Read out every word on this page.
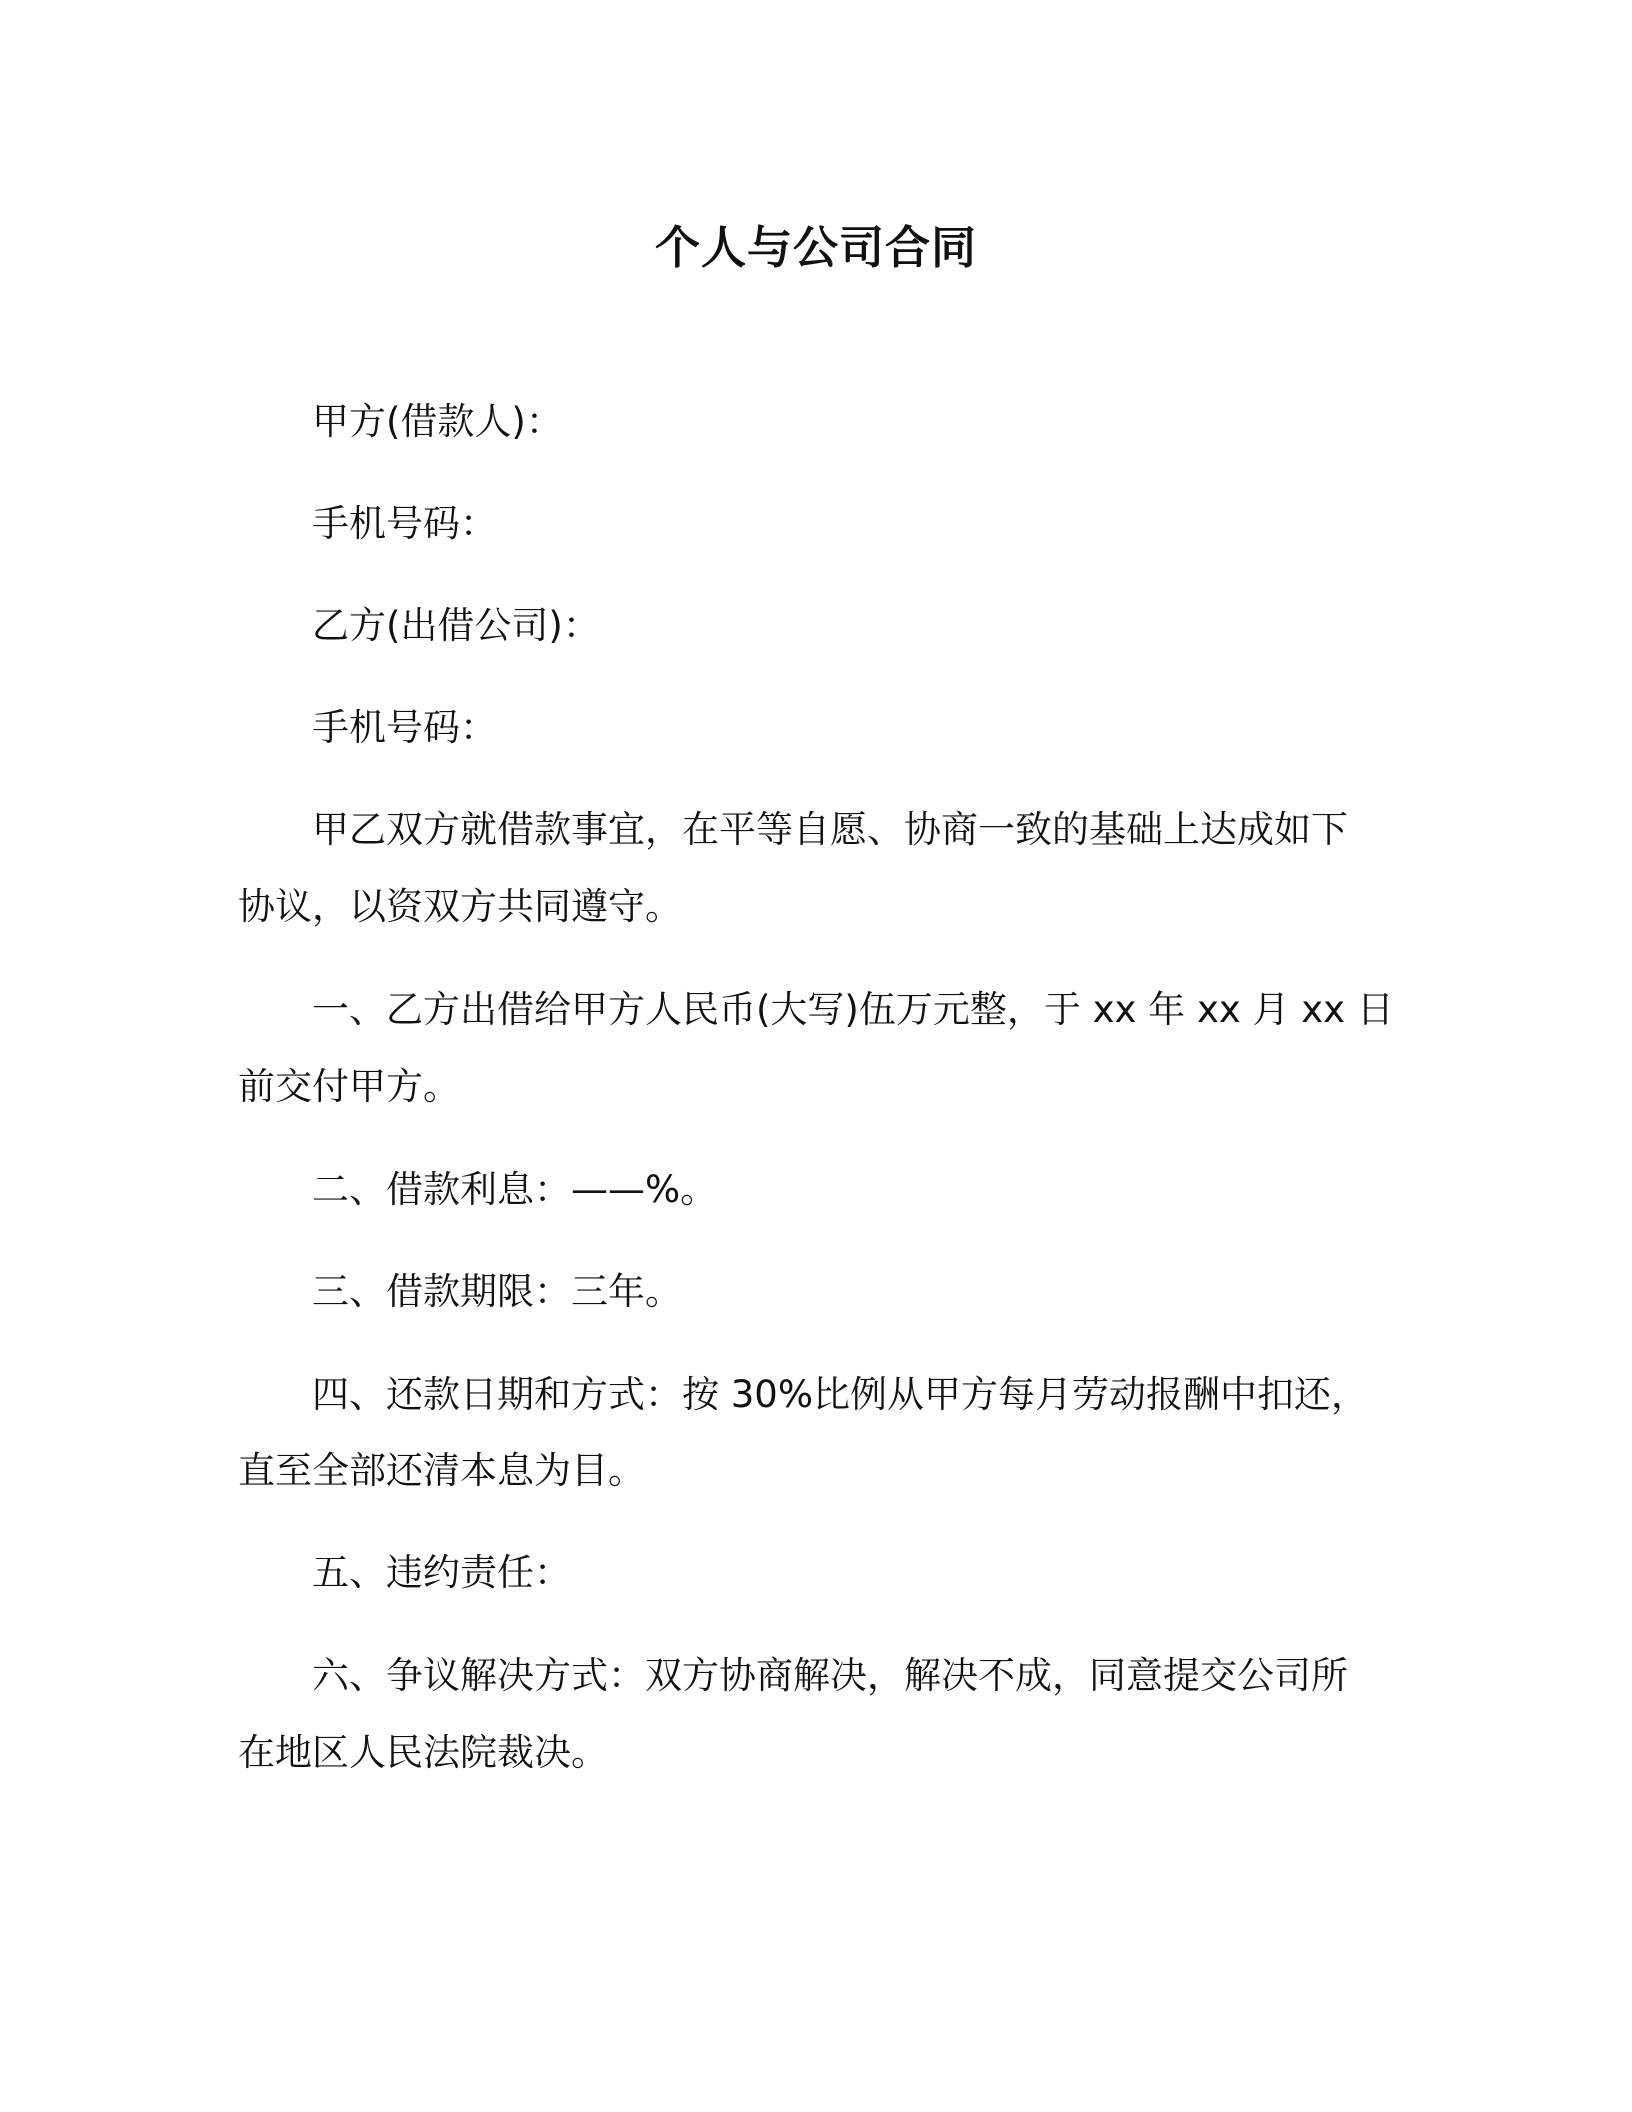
个人与公司合同
甲方(借款人)：
手机号码：
乙方(出借公司)：
手机号码：
甲乙双方就借款事宜，在平等自愿、协商一致的基础上达成如下
协议，以资双方共同遵守。
一、乙方出借给甲方人民币(大写)伍万元整，于 xx 年 xx 月 xx 日
前交付甲方。
二、借款利息：——%。
三、借款期限：三年。
四、还款日期和方式：按 30%比例从甲方每月劳动报酬中扣还，
直至全部还清本息为目。
五、违约责任：
六、争议解决方式：双方协商解决，解决不成，同意提交公司所
在地区人民法院裁决。
